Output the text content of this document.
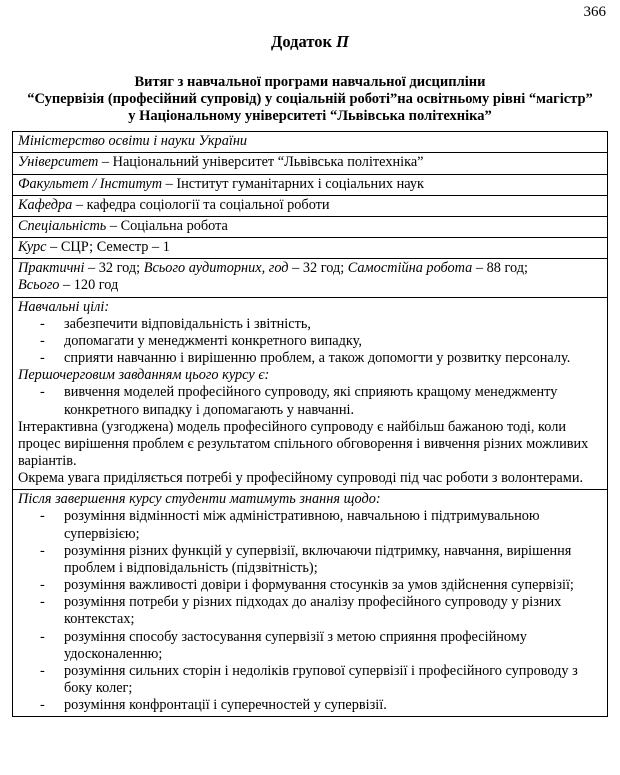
366
Додаток П
Витяг з навчальної програми навчальної дисципліни
“Супервізія (професійний супровід) у соціальній роботі”на освітньому рівні “магістр”
у Національному університеті “Львівська політехніка”
Міністерство освіти і науки України
Університет – Національний університет “Львівська політехніка”
Факультет / Інститут – Інститут гуманітарних і соціальних наук
Кафедра – кафедра соціології та соціальної роботи
Спеціальність – Соціальна робота
Курс – СЦР; Семестр – 1

Практичні – 32 год; Всього аудиторних, год – 32 год; Самостійна робота – 88 год;
Всього – 120 год

Навчальні цілі:
- забезпечити відповідальність і звітність,
- допомагати у менеджменті конкретного випадку,
- сприяти навчанню і вирішенню проблем, а також допомогти у розвитку персоналу.
Першочерговим завданням цього курсу є:
- вивчення моделей професійного супроводу, які сприяють кращому менеджменту конкретного випадку і допомагають у навчанні.
Інтерактивна (узгоджена) модель професійного супроводу є найбільш бажаною тоді, коли процес вирішення проблем є результатом спільного обговорення і вивчення різних можливих варіантів.
Окрема увага приділяється потребі у професійному супроводі під час роботи з волонтерами.

Після завершення курсу студенти матимуть знання щодо:
- розуміння відмінності між адміністративною, навчальною і підтримувальною супервізією;
- розуміння різних функцій у супервізії, включаючи підтримку, навчання, вирішення проблем і відповідальність (підзвітність);
- розуміння важливості довіри і формування стосунків за умов здійснення супервізії;
- розуміння потреби у різних підходах до аналізу професійного супроводу у різних контекстах;
- розуміння способу застосування супервізії з метою сприяння професійному удосконаленню;
- розуміння сильних сторін і недоліків групової супервізії і професійного супроводу з боку колег;
- розуміння конфронтації і суперечностей у супервізії.
